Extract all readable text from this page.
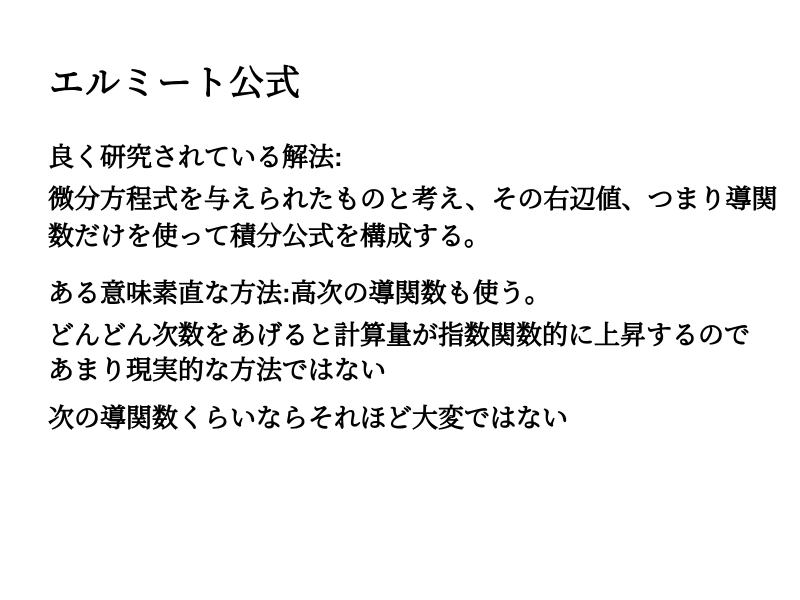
エルミート公式
良く研究されている解法:
微分方程式を与えられたものと考え、その右辺値、つまり導関
数だけを使って積分公式を構成する。
ある意味素直な方法:高次の導関数も使う。
どんどん次数をあげると計算量が指数関数的に上昇するので
あまり現実的な方法ではない
次の導関数くらいならそれほど大変ではない
